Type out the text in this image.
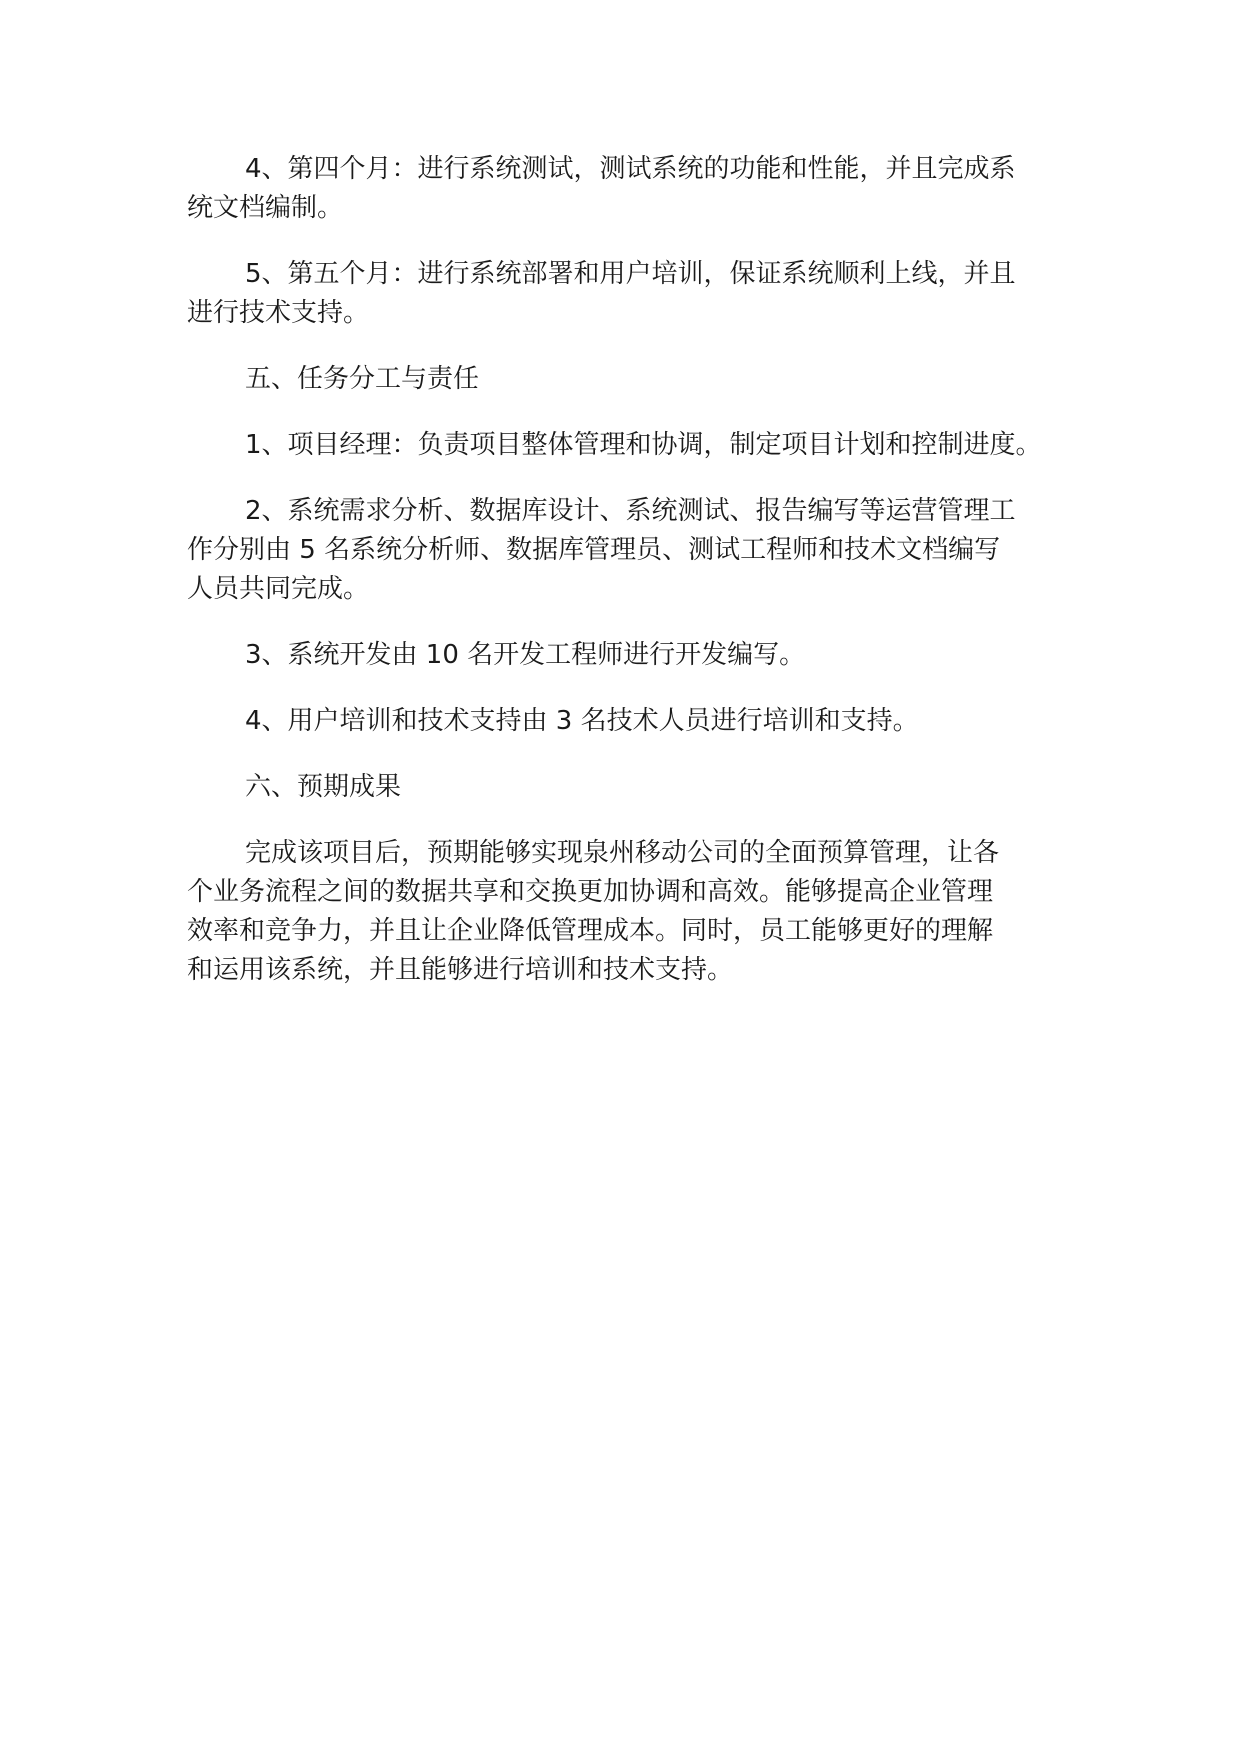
4、第四个月：进行系统测试，测试系统的功能和性能，并且完成系
统文档编制。

5、第五个月：进行系统部署和用户培训，保证系统顺利上线，并且
进行技术支持。

五、任务分工与责任

1、项目经理：负责项目整体管理和协调，制定项目计划和控制进度。

2、系统需求分析、数据库设计、系统测试、报告编写等运营管理工
作分别由 5 名系统分析师、数据库管理员、测试工程师和技术文档编写
人员共同完成。

3、系统开发由 10 名开发工程师进行开发编写。

4、用户培训和技术支持由 3 名技术人员进行培训和支持。

六、预期成果

完成该项目后，预期能够实现泉州移动公司的全面预算管理，让各
个业务流程之间的数据共享和交换更加协调和高效。能够提高企业管理
效率和竞争力，并且让企业降低管理成本。同时，员工能够更好的理解
和运用该系统，并且能够进行培训和技术支持。
